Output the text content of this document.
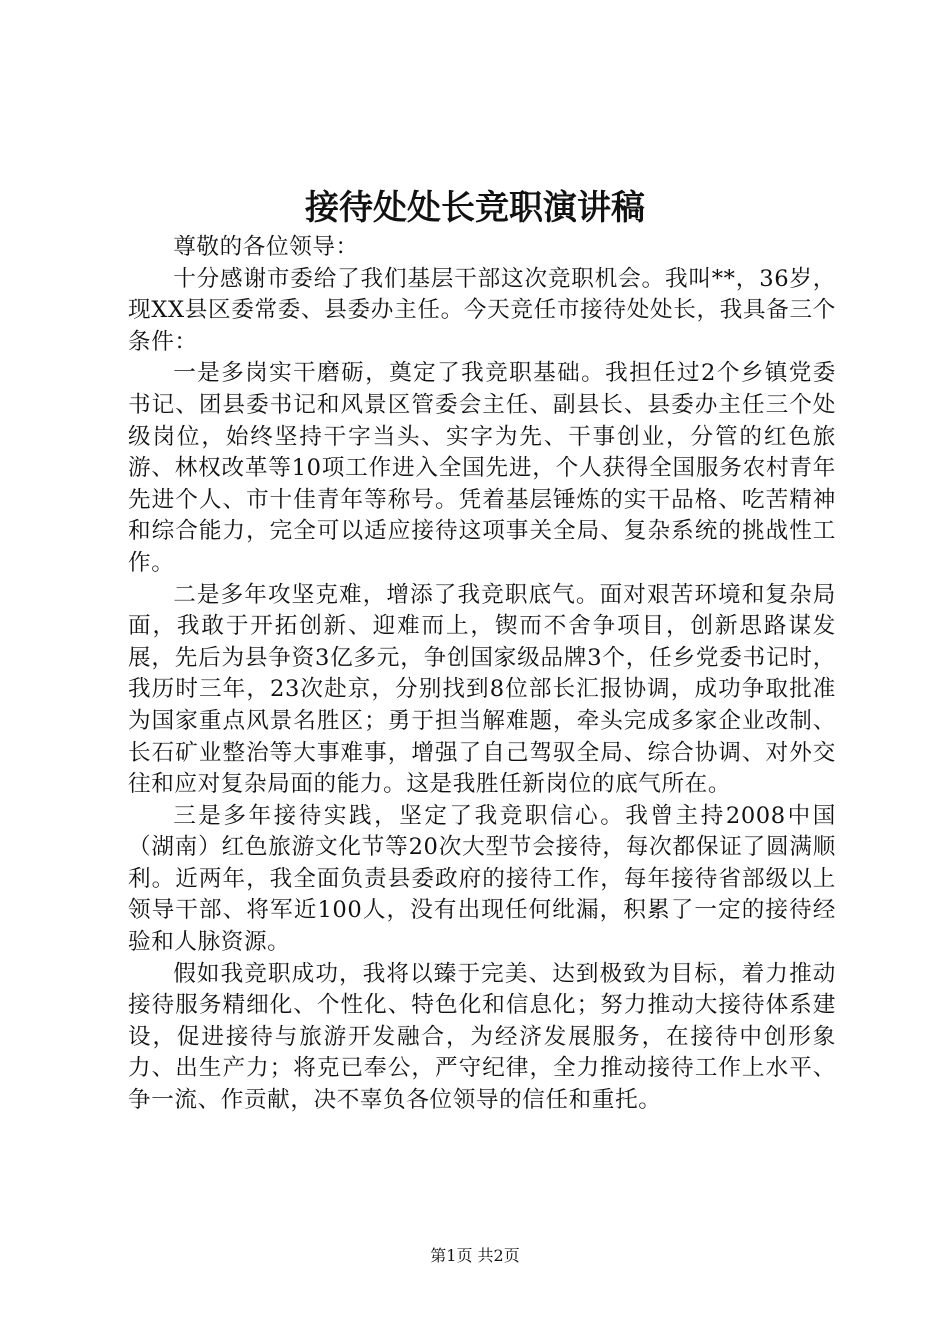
接待处处长竞职演讲稿

尊敬的各位领导：

十分感谢市委给了我们基层干部这次竞职机会。我叫**，36岁，现XX县区委常委、县委办主任。今天竞任市接待处处长，我具备三个条件：

一是多岗实干磨砺，奠定了我竞职基础。我担任过2个乡镇党委书记、团县委书记和风景区管委会主任、副县长、县委办主任三个处级岗位，始终坚持干字当头、实字为先、干事创业，分管的红色旅游、林权改革等10项工作进入全国先进，个人获得全国服务农村青年先进个人、市十佳青年等称号。凭着基层锤炼的实干品格、吃苦精神和综合能力，完全可以适应接待这项事关全局、复杂系统的挑战性工作。

二是多年攻坚克难，增添了我竞职底气。面对艰苦环境和复杂局面，我敢于开拓创新、迎难而上，锲而不舍争项目，创新思路谋发展，先后为县争资3亿多元，争创国家级品牌3个，任乡党委书记时，我历时三年，23次赴京，分别找到8位部长汇报协调，成功争取批准为国家重点风景名胜区；勇于担当解难题，牵头完成多家企业改制、长石矿业整治等大事难事，增强了自己驾驭全局、综合协调、对外交往和应对复杂局面的能力。这是我胜任新岗位的底气所在。

三是多年接待实践，坚定了我竞职信心。我曾主持2008中国（湖南）红色旅游文化节等20次大型节会接待，每次都保证了圆满顺利。近两年，我全面负责县委政府的接待工作，每年接待省部级以上领导干部、将军近100人，没有出现任何纰漏，积累了一定的接待经验和人脉资源。

假如我竞职成功，我将以臻于完美、达到极致为目标，着力推动接待服务精细化、个性化、特色化和信息化；努力推动大接待体系建设，促进接待与旅游开发融合，为经济发展服务，在接待中创形象力、出生产力；将克已奉公，严守纪律，全力推动接待工作上水平、争一流、作贡献，决不辜负各位领导的信任和重托。

第1页 共2页
